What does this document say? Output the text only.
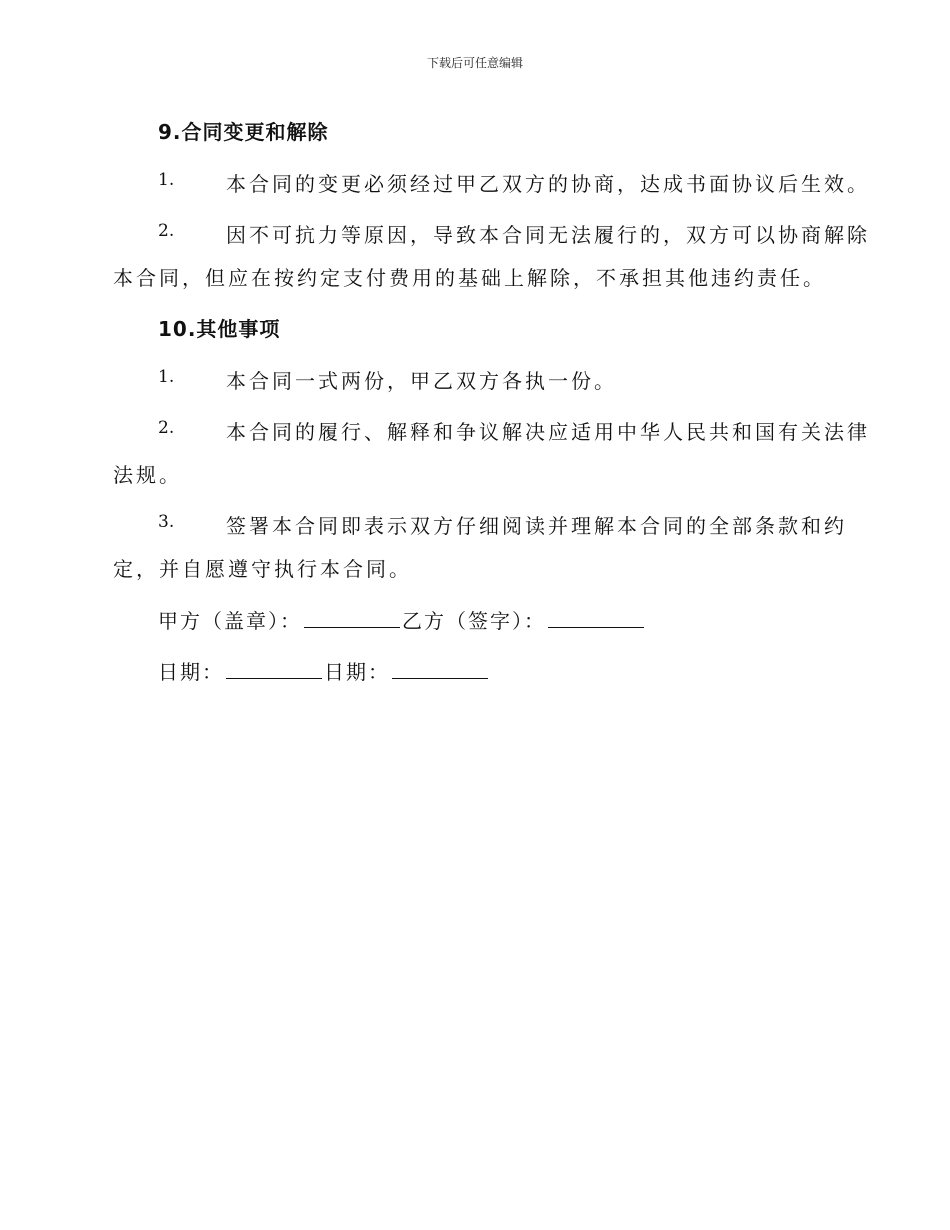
下载后可任意编辑
9.合同变更和解除
1.	本合同的变更必须经过甲乙双方的协商，达成书面协议后生效。
2.	因不可抗力等原因，导致本合同无法履行的，双方可以协商解除
本合同，但应在按约定支付费用的基础上解除，不承担其他违约责任。
10.其他事项
1.	本合同一式两份，甲乙双方各执一份。
2.	本合同的履行、解释和争议解决应适用中华人民共和国有关法律
法规。
3.	签署本合同即表示双方仔细阅读并理解本合同的全部条款和约
定，并自愿遵守执行本合同。
甲方（盖章）：	乙方（签字）：
日期：	日期：
